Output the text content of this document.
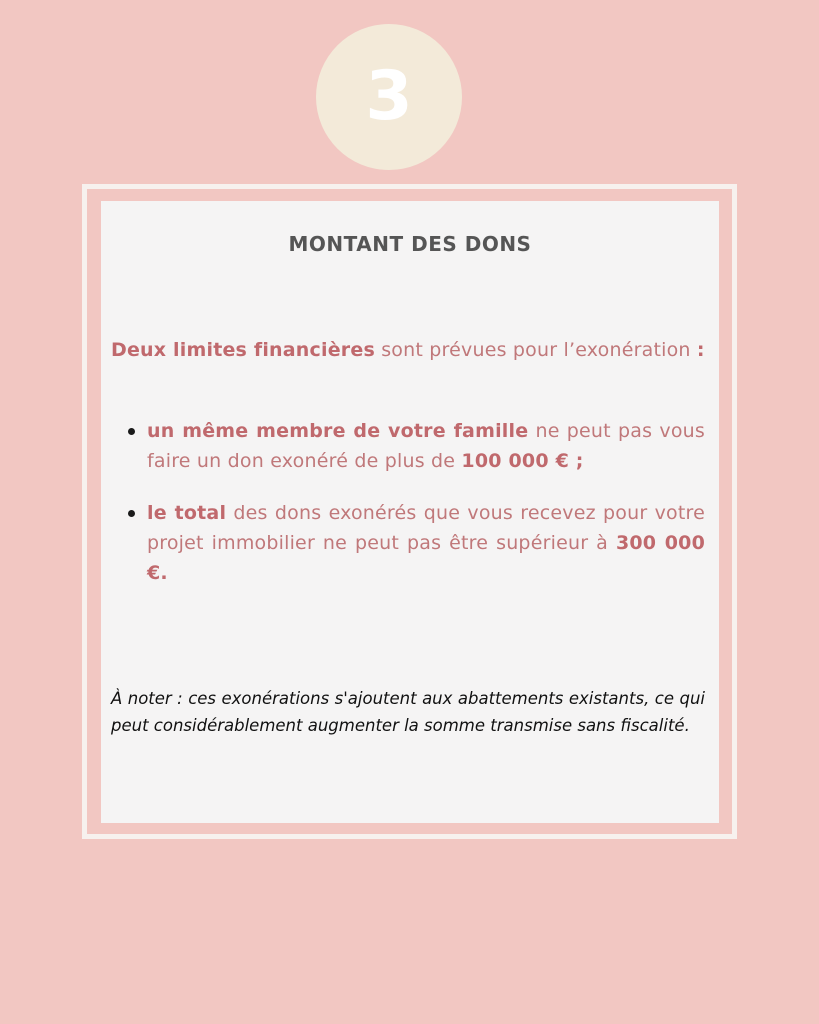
3
MONTANT DES DONS

Deux limites financières sont prévues pour l’exonération :

un même membre de votre famille ne peut pas vous faire un don exonéré de plus de 100 000 € ;
le total des dons exonérés que vous recevez pour votre projet immobilier ne peut pas être supérieur à 300 000 €.

À noter : ces exonérations s'ajoutent aux abattements existants, ce qui peut considérablement augmenter la somme transmise sans fiscalité.
